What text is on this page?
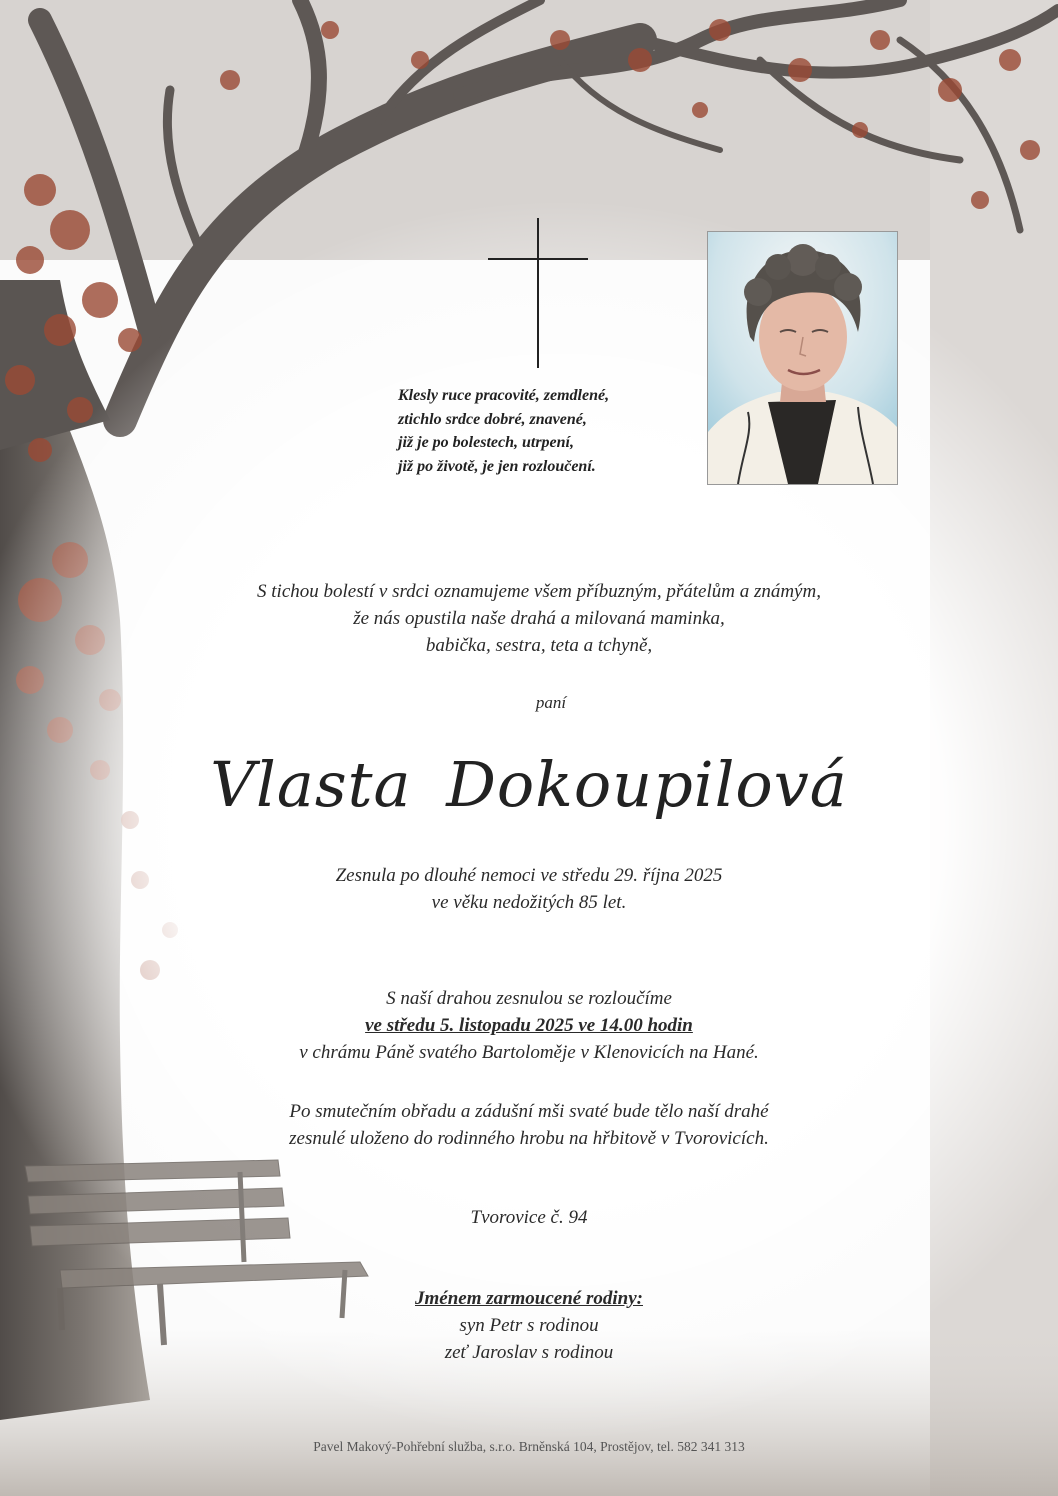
Klesly ruce pracovité, zemdlené,
ztichlo srdce dobré, znavené,
již je po bolestech, utrpení,
již po životě, je jen rozloučení.
S tichou bolestí v srdci oznamujeme všem příbuzným, přátelům a známým,
že nás opustila naše drahá a milovaná maminka,
babička, sestra, teta a tchyně,
paní
Vlasta Dokoupilová
Zesnula po dlouhé nemoci ve středu 29. října 2025
ve věku nedožitých 85 let.
S naší drahou zesnulou se rozloučíme
ve středu 5. listopadu 2025 ve 14.00 hodin
v chrámu Páně svatého Bartoloměje v Klenovicích na Hané.
Po smutečním obřadu a zádušní mši svaté bude tělo naší drahé
zesnulé uloženo do rodinného hrobu na hřbitově v Tvorovicích.
Tvorovice č. 94
Jménem zarmoucené rodiny:
syn Petr s rodinou
zeť Jaroslav s rodinou
Pavel Makový-Pohřební služba, s.r.o. Brněnská 104, Prostějov, tel. 582 341 313
